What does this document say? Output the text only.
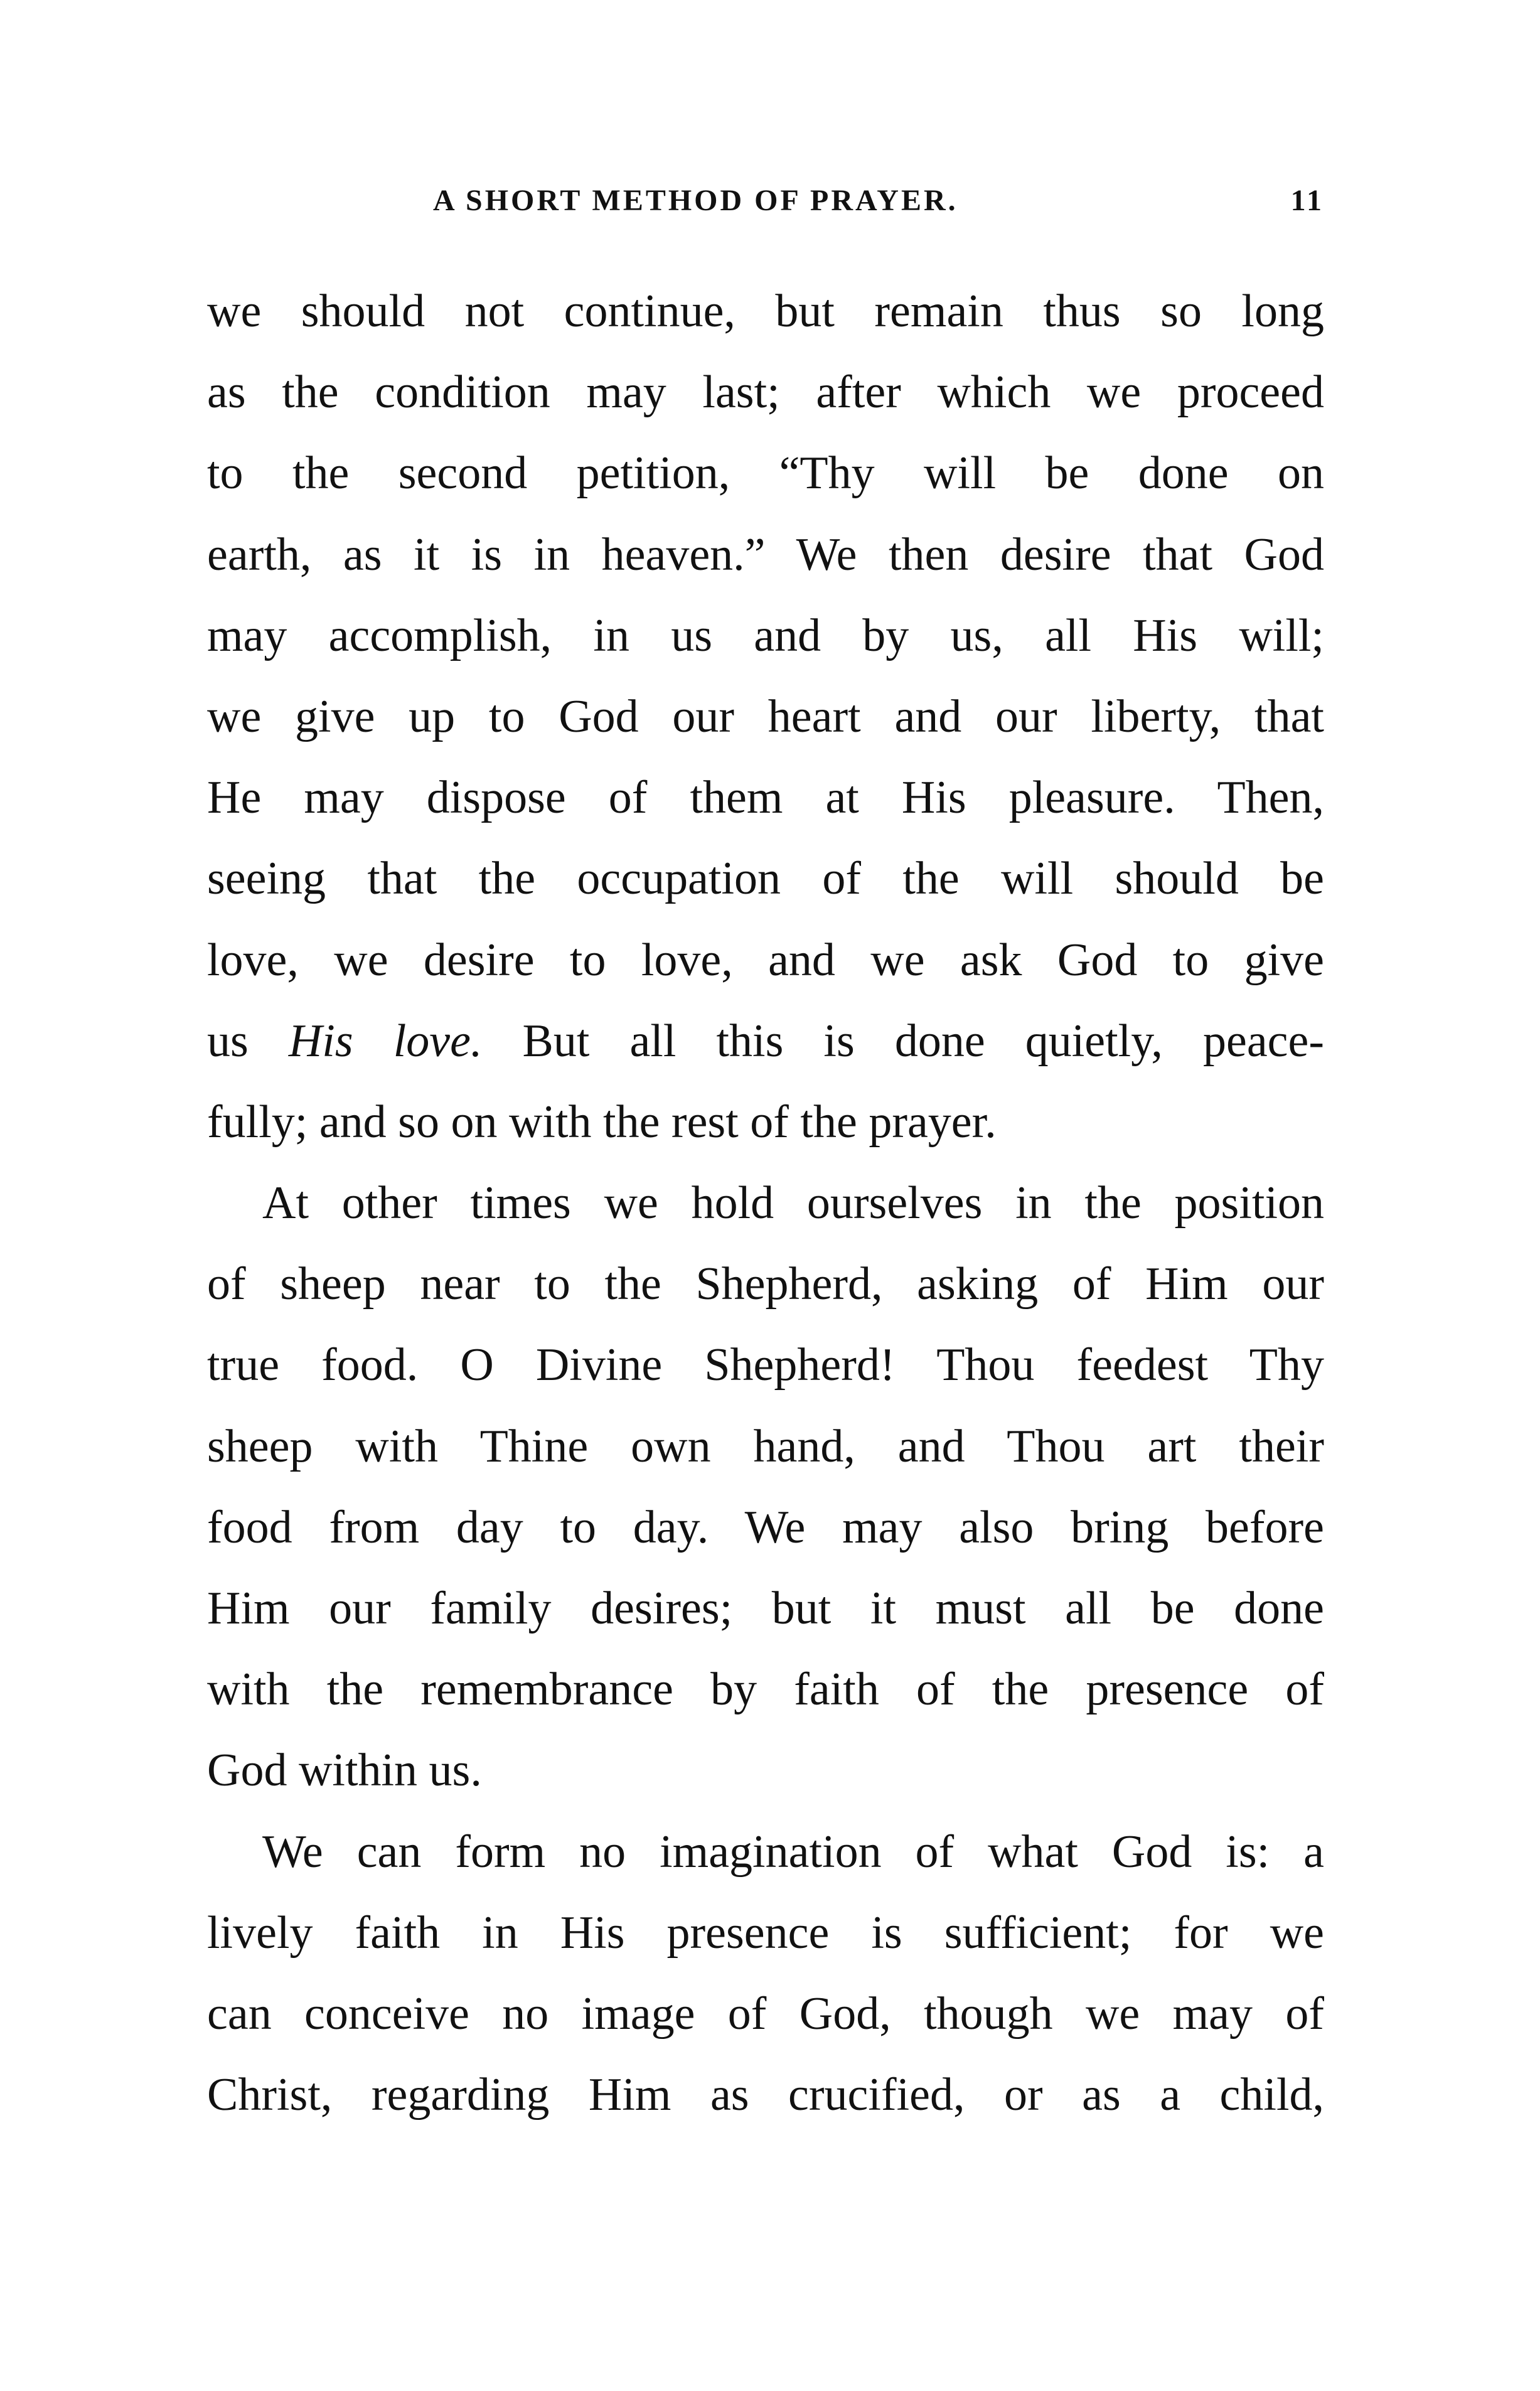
A SHORT METHOD OF PRAYER.	11
we should not continue, but remain thus so long
as the condition may last; after which we proceed
to the second petition, “Thy will be done on
earth, as it is in heaven.” We then desire that God
may accomplish, in us and by us, all His will;
we give up to God our heart and our liberty, that
He may dispose of them at His pleasure. Then,
seeing that the occupation of the will should be
love, we desire to love, and we ask God to give
us His love. But all this is done quietly, peace-
fully; and so on with the rest of the prayer.
At other times we hold ourselves in the position
of sheep near to the Shepherd, asking of Him our
true food. O Divine Shepherd! Thou feedest Thy
sheep with Thine own hand, and Thou art their
food from day to day. We may also bring before
Him our family desires; but it must all be done
with the remembrance by faith of the presence of
God within us.
We can form no imagination of what God is: a
lively faith in His presence is sufficient; for we
can conceive no image of God, though we may of
Christ, regarding Him as crucified, or as a child,
